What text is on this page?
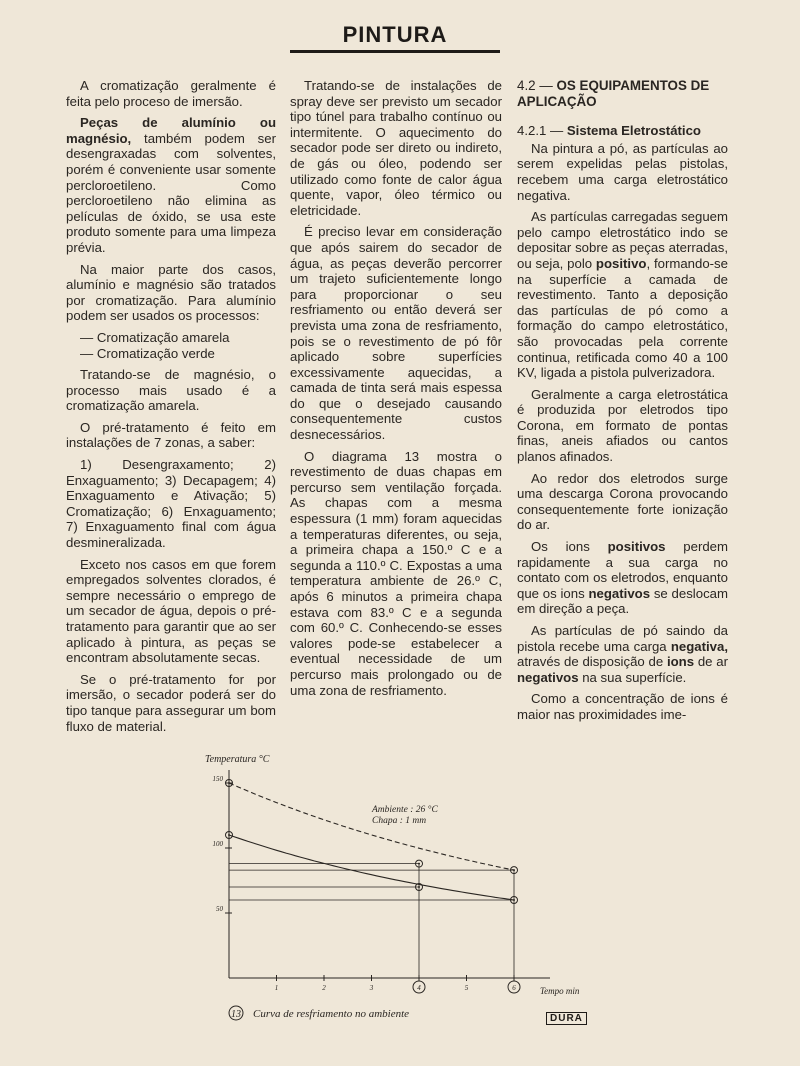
PINTURA

A cromatização geralmente é feita pelo proceso de imersão.

Peças de alumínio ou magnésio, também podem ser desengraxadas com solventes, porém é conveniente usar somente percloroetileno. Como percloroetileno não elimina as películas de óxido, se usa este produto somente para uma limpeza prévia.

Na maior parte dos casos, alumínio e magnésio são tratados por cromatização. Para alumínio podem ser usados os processos:

— Cromatização amarela

— Cromatização verde

Tratando-se de magnésio, o processo mais usado é a cromatização amarela.

O pré-tratamento é feito em instalações de 7 zonas, a saber:

1) Desengraxamento; 2) Enxaguamento; 3) Decapagem; 4) Enxaguamento e Ativação; 5) Cromatização; 6) Enxaguamento; 7) Enxaguamento final com água desmineralizada.

Exceto nos casos em que forem empregados solventes clorados, é sempre necessário o emprego de um secador de água, depois o pré-tratamento para garantir que ao ser aplicado à pintura, as peças se encontram absolutamente secas.

Se o pré-tratamento for por imersão, o secador poderá ser do tipo tanque para assegurar um bom fluxo de material.

Tratando-se de instalações de spray deve ser previsto um secador tipo túnel para trabalho contínuo ou intermitente. O aquecimento do secador pode ser direto ou indireto, de gás ou óleo, podendo ser utilizado como fonte de calor água quente, vapor, óleo térmico ou eletricidade.

É preciso levar em consideração que após sairem do secador de água, as peças deverão percorrer um trajeto suficientemente longo para proporcionar o seu resfriamento ou então deverá ser prevista uma zona de resfriamento, pois se o revestimento de pó fôr aplicado sobre superfícies excessivamente aquecidas, a camada de tinta será mais espessa do que o desejado causando consequentemente custos desnecessários.

O diagrama 13 mostra o revestimento de duas chapas em percurso sem ventilação forçada. As chapas com a mesma espessura (1 mm) foram aquecidas a temperaturas diferentes, ou seja, a primeira chapa a 150.º C e a segunda a 110.º C. Expostas a uma temperatura ambiente de 26.º C, após 6 minutos a primeira chapa estava com 83.º C e a segunda com 60.º C. Conhecendo-se esses valores pode-se estabelecer a eventual necessidade de um percurso mais prolongado ou de uma zona de resfriamento.

4.2 — OS EQUIPAMENTOS DE APLICAÇÃO
4.2.1 — Sistema Eletrostático

Na pintura a pó, as partículas ao serem expelidas pelas pistolas, recebem uma carga eletrostático negativa.

As partículas carregadas seguem pelo campo eletrostático indo se depositar sobre as peças aterradas, ou seja, polo positivo, formando-se na superfície a camada de revestimento. Tanto a deposição das partículas de pó como a formação do campo eletrostático, são provocadas pela corrente continua, retificada como 40 a 100 KV, ligada a pistola pulverizadora.

Geralmente a carga eletrostática é produzida por eletrodos tipo Corona, em formato de pontas finas, aneis afiados ou cantos planos afinados.

Ao redor dos eletrodos surge uma descarga Corona provocando consequentemente forte ionização do ar.

Os ions positivos perdem rapidamente a sua carga no contato com os eletrodos, enquanto que os ions negativos se deslocam em direção a peça.

As partículas de pó saindo da pistola recebe uma carga negativa, através de disposição de ions de ar negativos na sua superfície.

Como a concentração de ions é maior nas proximidades ime-

150
100
50
1	2	3	4	5	6
Temperatura °C
Tempo min
Ambiente : 26 °C
Chapa : 1 mm
13 Curva de resfriamento no ambiente	DURA
